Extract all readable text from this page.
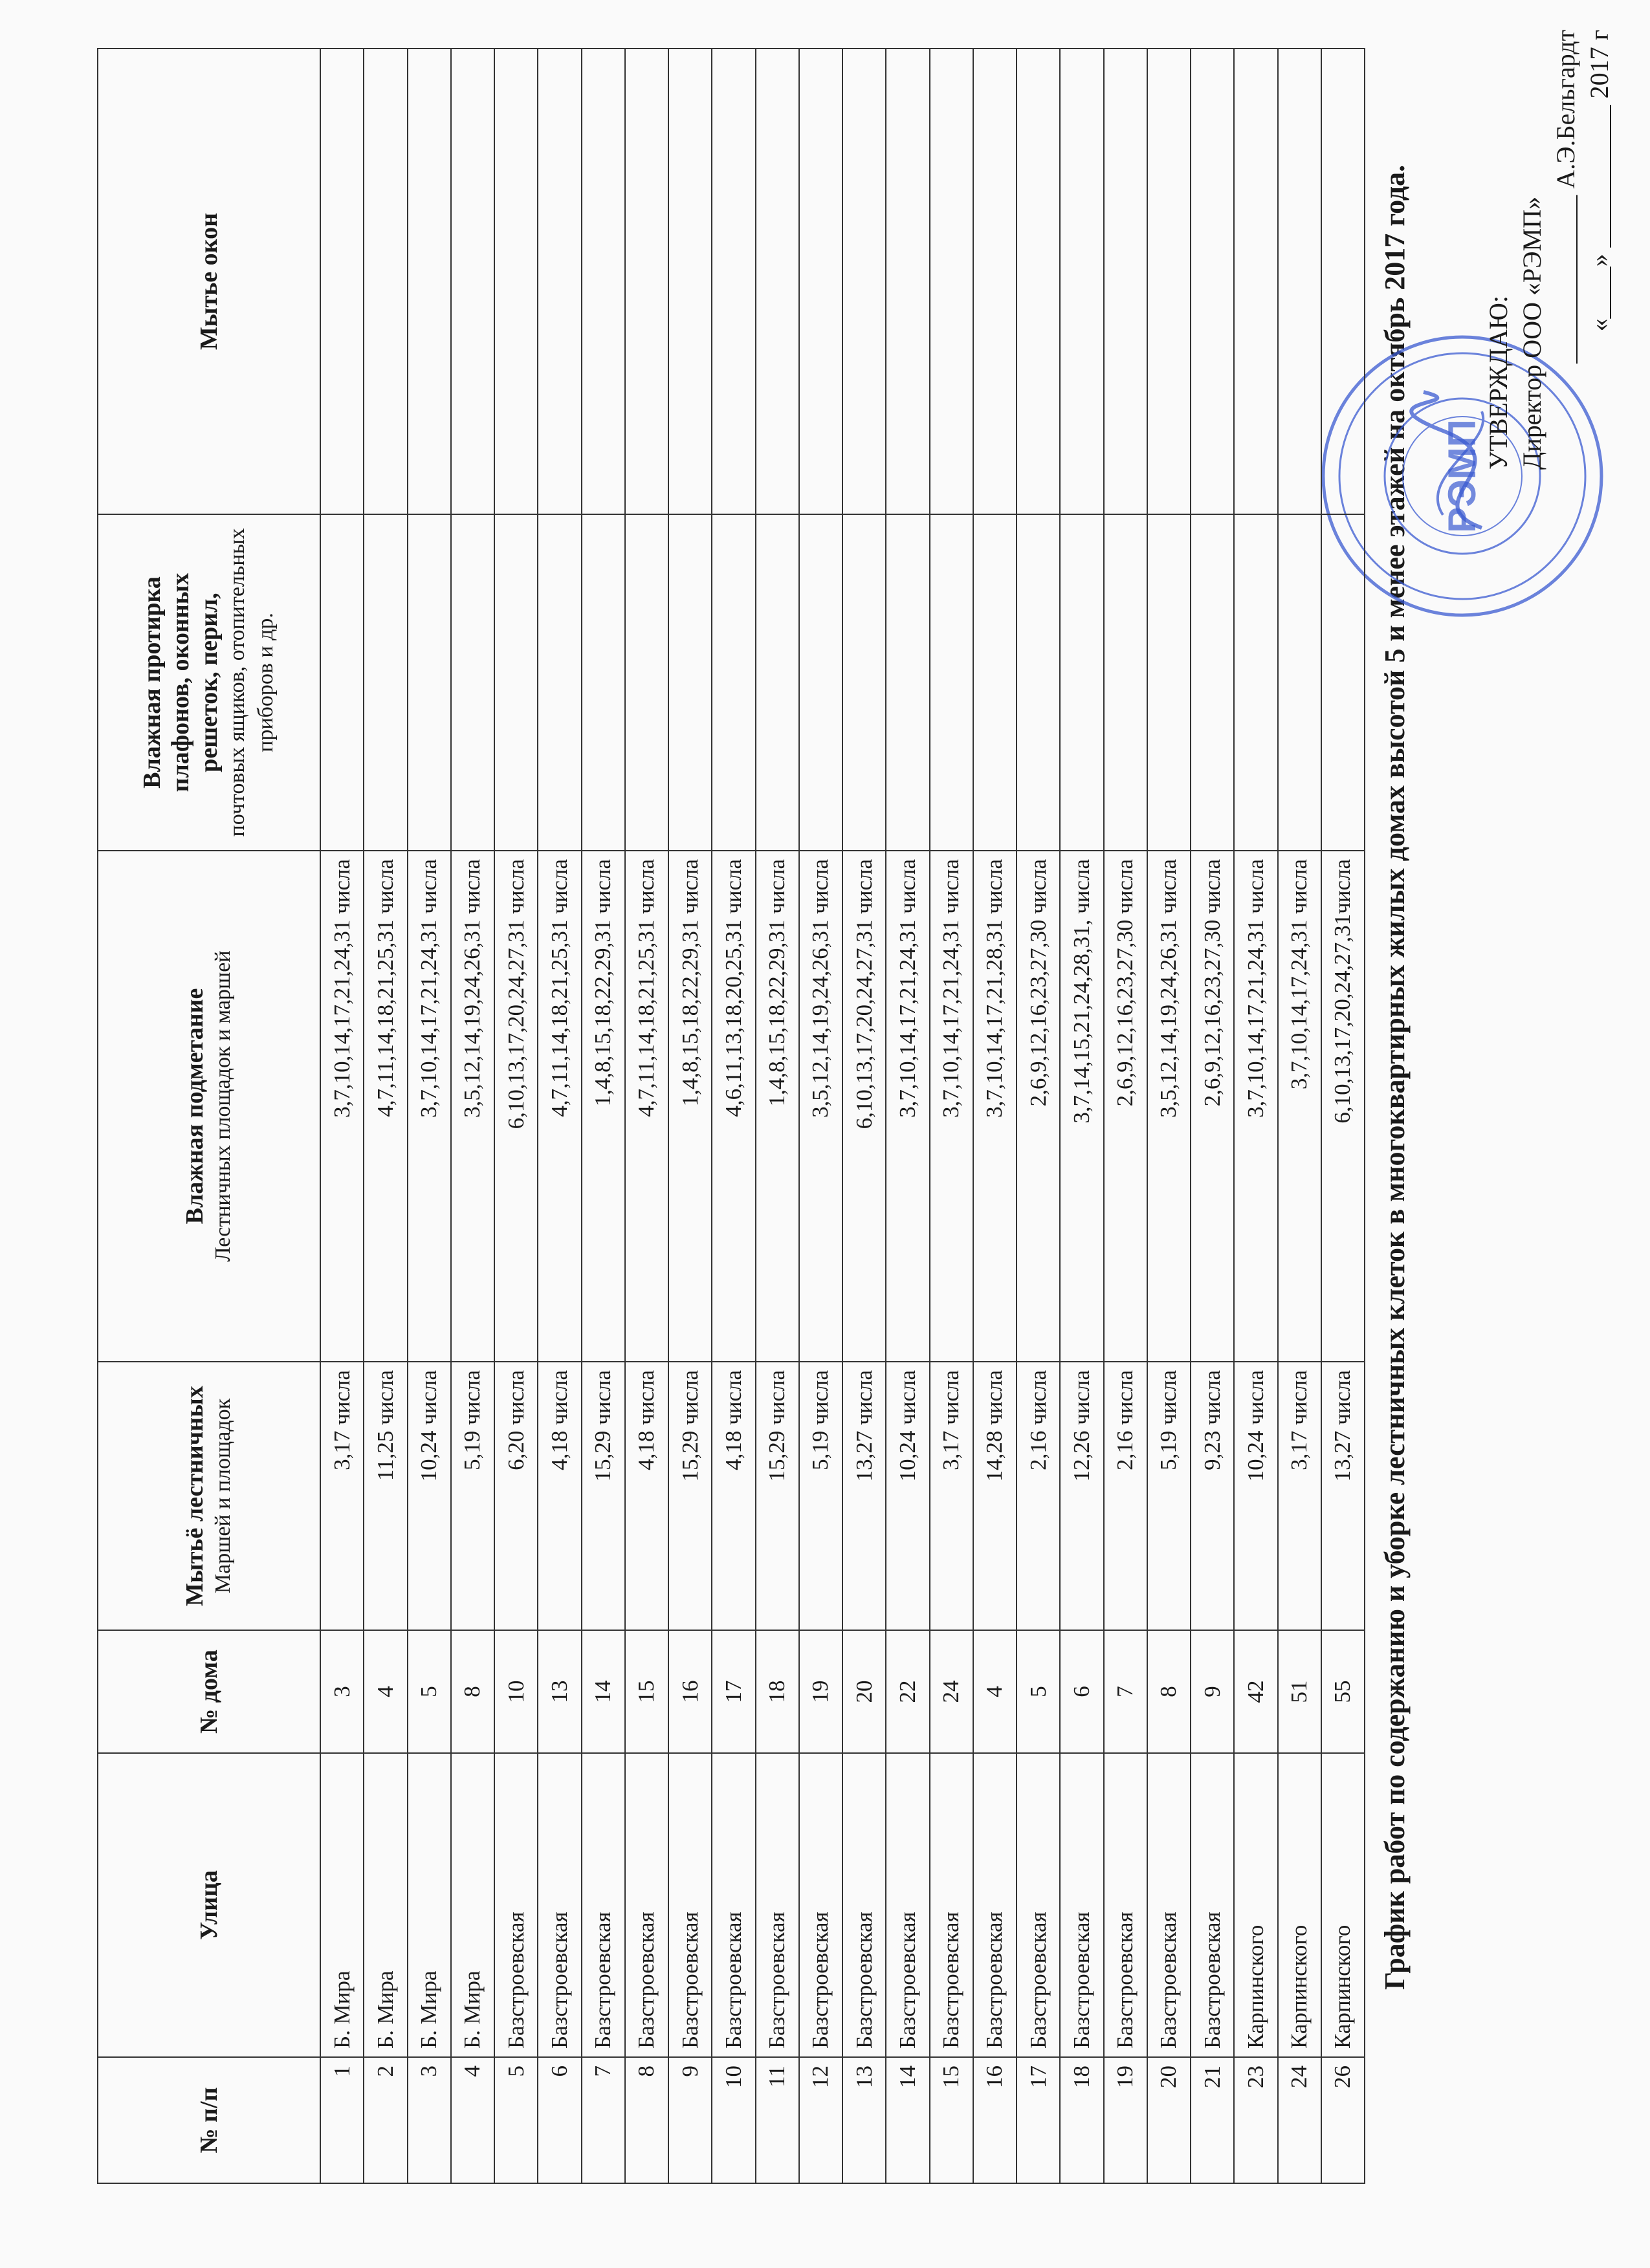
График работ по содержанию и уборке лестничных клеток в многоквартирных жилых домах высотой 5 и менее этажей на октябрь 2017 года. РЭМП
УТВЕРЖДАЮ: Директор ООО «РЭМП» _____________ А.Э.Бельгардт «____» ___________ 2017 г
№ п/п	Улица	№ дома	Мытьё лестничных Маршей и площадок	Влажная подметание Лестничных площадок и маршей	Влажная протирка плафонов, оконных решеток, перил, почтовых ящиков, отопительных приборов и др.	Мытье окон
1	Б. Мира	3	3,17 числа	3,7,10,14,17,21,24,31 числа		
2	Б. Мира	4	11,25 числа	4,7,11,14,18,21,25,31 числа		
3	Б. Мира	5	10,24 числа	3,7,10,14,17,21,24,31 числа		
4	Б. Мира	8	5,19 числа	3,5,12,14,19,24,26,31 числа		
5	Базстроевская	10	6,20 числа	6,10,13,17,20,24,27,31 числа		
6	Базстроевская	13	4,18 числа	4,7,11,14,18,21,25,31 числа		
7	Базстроевская	14	15,29 числа	1,4,8,15,18,22,29,31 числа		
8	Базстроевская	15	4,18 числа	4,7,11,14,18,21,25,31 числа		
9	Базстроевская	16	15,29 числа	1,4,8,15,18,22,29,31 числа		
10	Базстроевская	17	4,18 числа	4,6,11,13,18,20,25,31 числа		
11	Базстроевская	18	15,29 числа	1,4,8,15,18,22,29,31 числа		
12	Базстроевская	19	5,19 числа	3,5,12,14,19,24,26,31 числа		
13	Базстроевская	20	13,27 числа	6,10,13,17,20,24,27,31 числа		
14	Базстроевская	22	10,24 числа	3,7,10,14,17,21,24,31 числа		
15	Базстроевская	24	3,17 числа	3,7,10,14,17,21,24,31 числа		
16	Базстроевская	4	14,28 числа	3,7,10,14,17,21,28,31 числа		
17	Базстроевская	5	2,16 числа	2,6,9,12,16,23,27,30 числа		
18	Базстроевская	6	12,26 числа	3,7,14,15,21,24,28,31, числа		
19	Базстроевская	7	2,16 числа	2,6,9,12,16,23,27,30 числа		
20	Базстроевская	8	5,19 числа	3,5,12,14,19,24,26,31 числа		
21	Базстроевская	9	9,23 числа	2,6,9,12,16,23,27,30 числа		
23	Карпинского	42	10,24 числа	3,7,10,14,17,21,24,31 числа		
24	Карпинского	51	3,17 числа	3,7,10,14,17,24,31 числа		
26	Карпинского	55	13,27 числа	6,10,13,17,20,24,27,31числа		
